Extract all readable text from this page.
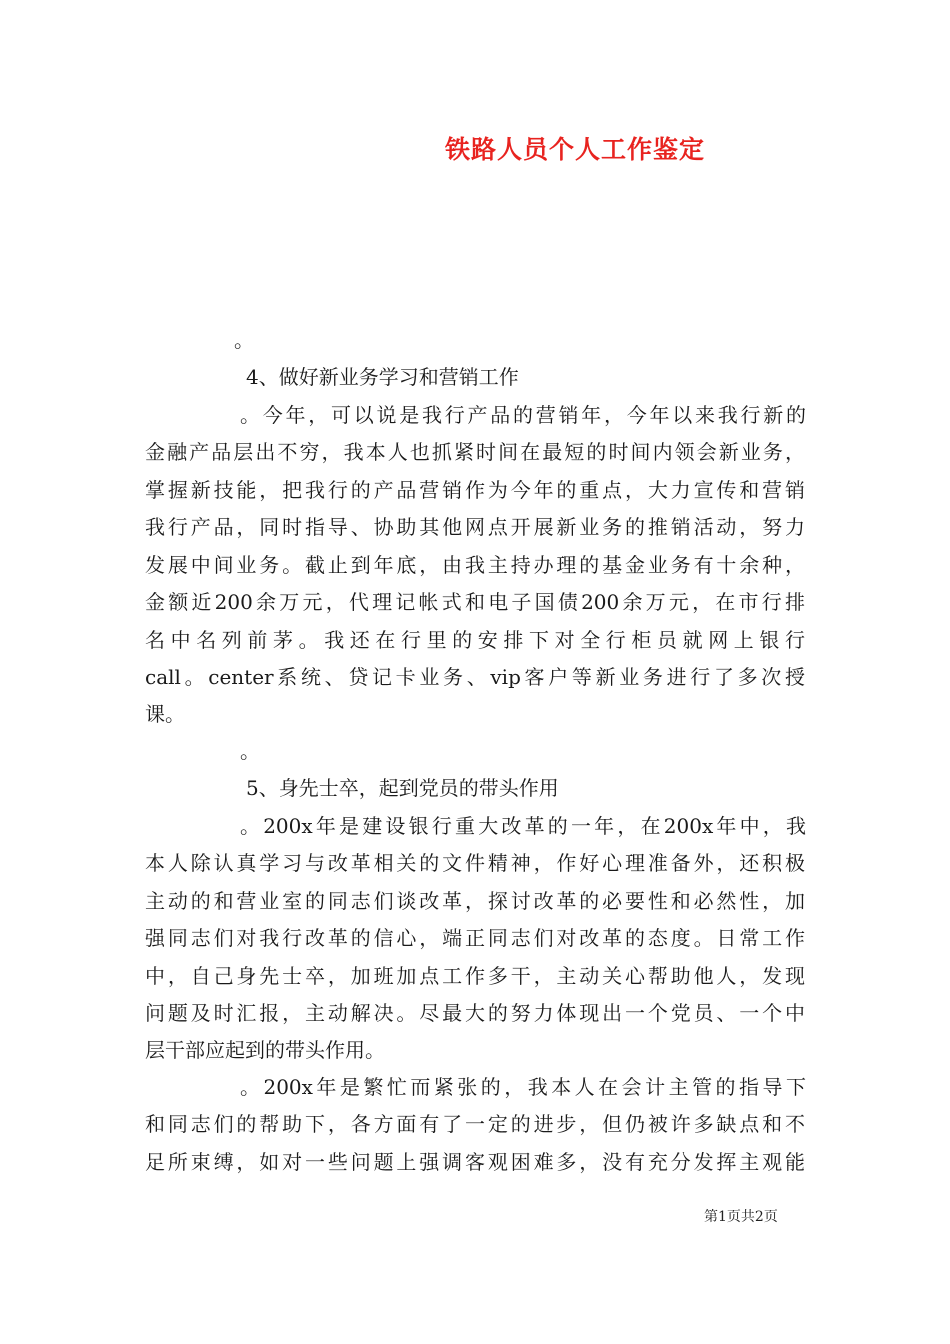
铁路人员个人工作鉴定
。
4、做好新业务学习和营销工作
。今年，可以说是我行产品的营销年，今年以来我行新的
金融产品层出不穷，我本人也抓紧时间在最短的时间内领会新业务，
掌握新技能，把我行的产品营销作为今年的重点，大力宣传和营销
我行产品，同时指导、协助其他网点开展新业务的推销活动，努力
发展中间业务。截止到年底，由我主持办理的基金业务有十余种，
金额近200余万元，代理记帐式和电子国债200余万元，在市行排
名中名列前茅。我还在行里的安排下对全行柜员就网上银行
call。center系统、贷记卡业务、vip客户等新业务进行了多次授
课。
。
5、身先士卒，起到党员的带头作用
。200x年是建设银行重大改革的一年，在200x年中，我
本人除认真学习与改革相关的文件精神，作好心理准备外，还积极
主动的和营业室的同志们谈改革，探讨改革的必要性和必然性，加
强同志们对我行改革的信心，端正同志们对改革的态度。日常工作
中，自己身先士卒，加班加点工作多干，主动关心帮助他人，发现
问题及时汇报，主动解决。尽最大的努力体现出一个党员、一个中
层干部应起到的带头作用。
。200x年是繁忙而紧张的，我本人在会计主管的指导下
和同志们的帮助下，各方面有了一定的进步，但仍被许多缺点和不
足所束缚，如对一些问题上强调客观困难多，没有充分发挥主观能
第1页共2页
